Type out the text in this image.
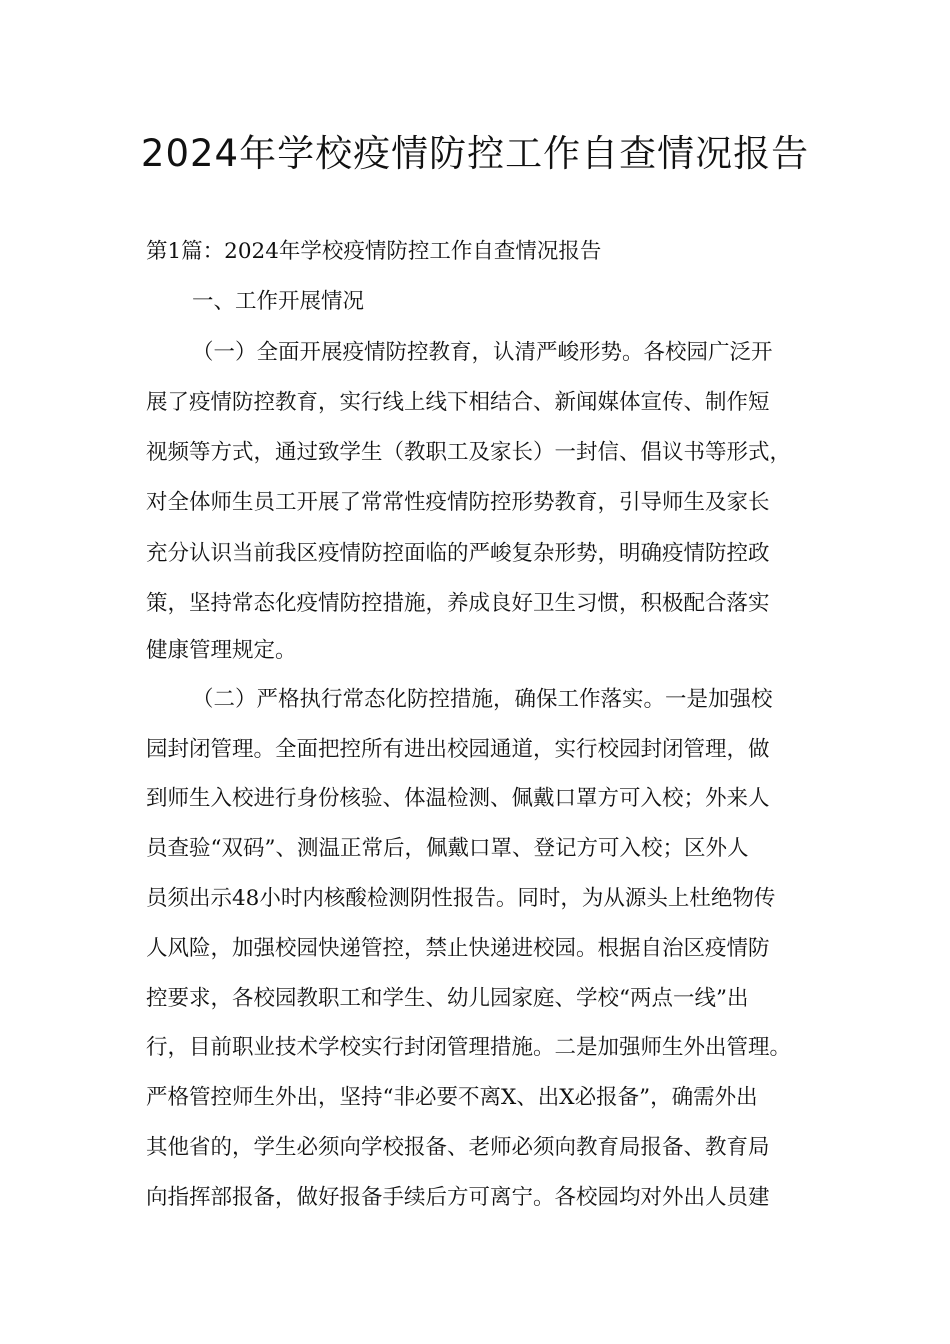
2024年学校疫情防控工作自查情况报告
第1篇：2024年学校疫情防控工作自查情况报告
一、工作开展情况
（一）全面开展疫情防控教育，认清严峻形势。各校园广泛开
展了疫情防控教育，实行线上线下相结合、新闻媒体宣传、制作短
视频等方式，通过致学生（教职工及家长）一封信、倡议书等形式，
对全体师生员工开展了常常性疫情防控形势教育，引导师生及家长
充分认识当前我区疫情防控面临的严峻复杂形势，明确疫情防控政
策，坚持常态化疫情防控措施，养成良好卫生习惯，积极配合落实
健康管理规定。
（二）严格执行常态化防控措施，确保工作落实。一是加强校
园封闭管理。全面把控所有进出校园通道，实行校园封闭管理，做
到师生入校进行身份核验、体温检测、佩戴口罩方可入校；外来人
员查验“双码”、测温正常后，佩戴口罩、登记方可入校；区外人
员须出示48小时内核酸检测阴性报告。同时，为从源头上杜绝物传
人风险，加强校园快递管控，禁止快递进校园。根据自治区疫情防
控要求，各校园教职工和学生、幼儿园家庭、学校“两点一线”出
行，目前职业技术学校实行封闭管理措施。二是加强师生外出管理。
严格管控师生外出，坚持“非必要不离X、出X必报备”，确需外出
其他省的，学生必须向学校报备、老师必须向教育局报备、教育局
向指挥部报备，做好报备手续后方可离宁。各校园均对外出人员建
